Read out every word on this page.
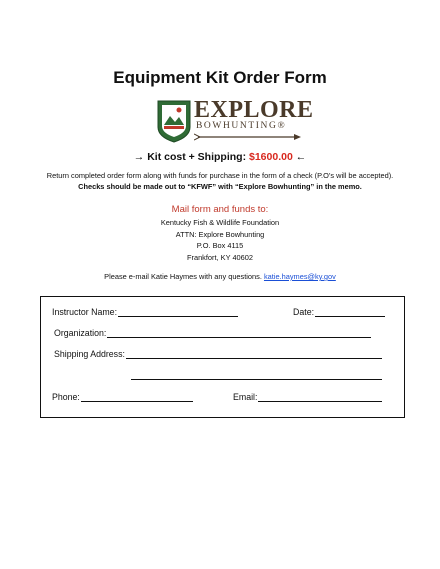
Equipment Kit Order Form
EXPLORE
BOWHUNTING®
→ Kit cost + Shipping: $1600.00 ←
Return completed order form along with funds for purchase in the form of a check (P.O’s will be accepted). Checks should be made out to “KFWF” with “Explore Bowhunting” in the memo.
Mail form and funds to:
Kentucky Fish & Wildlife Foundation
ATTN: Explore Bowhunting
P.O. Box 4115
Frankfort, KY 40602
Please e-mail Katie Haymes with any questions. katie.haymes@ky.gov
Instructor Name:	Date:
Organization:
Shipping Address:
Phone:	Email:
